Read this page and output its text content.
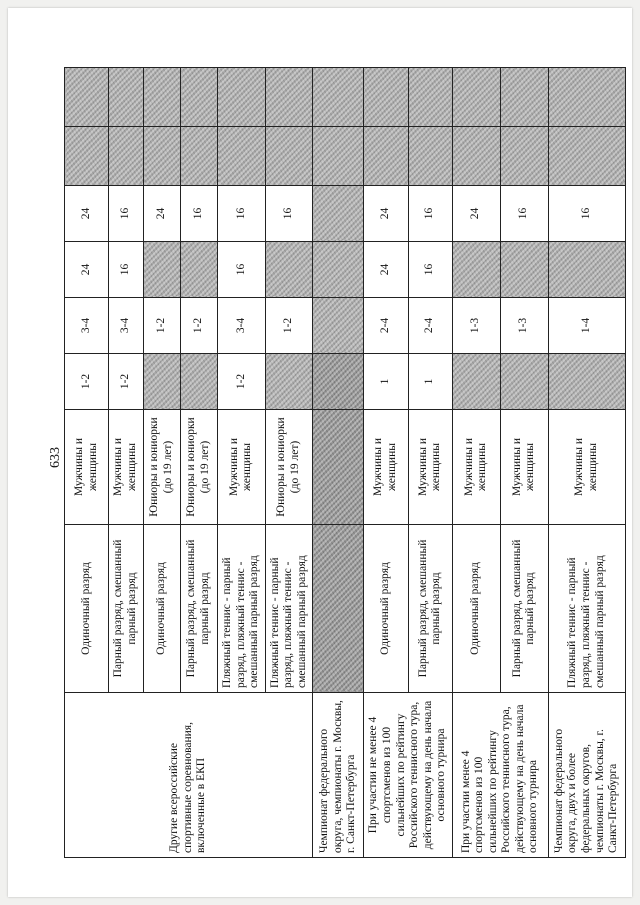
633
Другие всероссийские спортивные соревнования, включенные в ЕКП	Одиночный разряд	Мужчины и женщины	1-2	3-4	24	24		
	Парный разряд, смешанный парный разряд	Мужчины и женщины	1-2	3-4	16	16		
	Одиночный разряд	Юниоры и юниорки (до 19 лет)		1-2		24		
	Парный разряд, смешанный парный разряд	Юниоры и юниорки (до 19 лет)		1-2		16		
	Пляжный теннис - парный разряд, пляжный теннис - смешанный парный разряд	Мужчины и женщины	1-2	3-4	16	16		
	Пляжный теннис - парный разряд, пляжный теннис - смешанный парный разряд	Юниоры и юниорки (до 19 лет)		1-2		16		
Чемпионат федерального округа, чемпионаты г. Москвы, г. Санкт-Петербурга								
При участии не менее 4 спортсменов из 100 сильнейших по рейтингу Российского теннисного тура, действующему на день начала основного турнира	Одиночный разряд	Мужчины и женщины	1	2-4	24	24		
	Парный разряд, смешанный парный разряд	Мужчины и женщины	1	2-4	16	16		
При участии менее 4 спортсменов из 100 сильнейших по рейтингу Российского теннисного тура, действующему на день начала основного турнира	Одиночный разряд	Мужчины и женщины		1-3		24		
	Парный разряд, смешанный парный разряд	Мужчины и женщины		1-3		16		
Чемпионат федерального округа, двух и более федеральных округов, чемпионаты г. Москвы, г. Санкт-Петербурга	Пляжный теннис - парный разряд, пляжный теннис - смешанный парный разряд	Мужчины и женщины		1-4		16		
